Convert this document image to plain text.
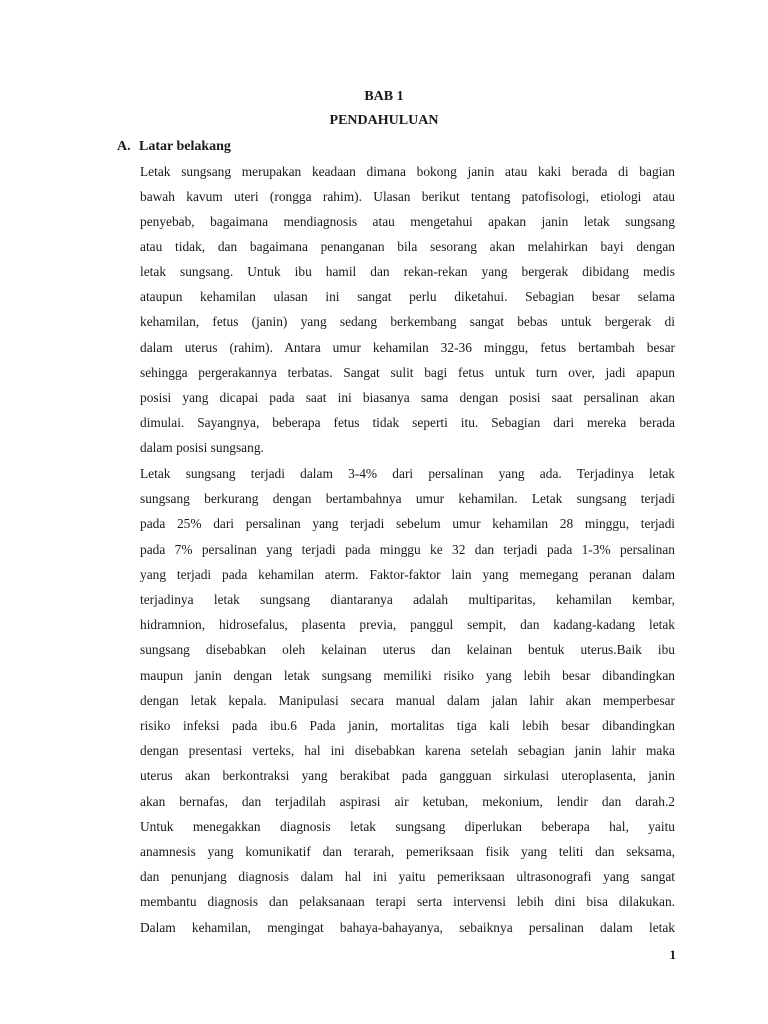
BAB 1
PENDAHULUAN
A. Latar belakang
Letak sungsang merupakan keadaan dimana bokong janin atau kaki berada di bagian
bawah kavum uteri (rongga rahim). Ulasan berikut tentang patofisologi, etiologi atau
penyebab, bagaimana mendiagnosis atau mengetahui apakan janin letak sungsang
atau tidak, dan bagaimana penanganan bila sesorang akan melahirkan bayi dengan
letak sungsang. Untuk ibu hamil dan rekan-rekan yang bergerak dibidang medis
ataupun kehamilan ulasan ini sangat perlu diketahui. Sebagian besar selama
kehamilan, fetus (janin) yang sedang berkembang sangat bebas untuk bergerak di
dalam uterus (rahim). Antara umur kehamilan 32-36 minggu, fetus bertambah besar
sehingga pergerakannya terbatas. Sangat sulit bagi fetus untuk turn over, jadi apapun
posisi yang dicapai pada saat ini biasanya sama dengan posisi saat persalinan akan
dimulai. Sayangnya, beberapa fetus tidak seperti itu. Sebagian dari mereka berada
dalam posisi sungsang.
Letak sungsang terjadi dalam 3-4% dari persalinan yang ada. Terjadinya letak
sungsang berkurang dengan bertambahnya umur kehamilan. Letak sungsang terjadi
pada 25% dari persalinan yang terjadi sebelum umur kehamilan 28 minggu, terjadi
pada 7% persalinan yang terjadi pada minggu ke 32 dan terjadi pada 1-3% persalinan
yang terjadi pada kehamilan aterm. Faktor-faktor lain yang memegang peranan dalam
terjadinya letak sungsang diantaranya adalah multiparitas, kehamilan kembar,
hidramnion, hidrosefalus, plasenta previa, panggul sempit, dan kadang-kadang letak
sungsang disebabkan oleh kelainan uterus dan kelainan bentuk uterus.Baik ibu
maupun janin dengan letak sungsang memiliki risiko yang lebih besar dibandingkan
dengan letak kepala. Manipulasi secara manual dalam jalan lahir akan memperbesar
risiko infeksi pada ibu.6 Pada janin, mortalitas tiga kali lebih besar dibandingkan
dengan presentasi verteks, hal ini disebabkan karena setelah sebagian janin lahir maka
uterus akan berkontraksi yang berakibat pada gangguan sirkulasi uteroplasenta, janin
akan bernafas, dan terjadilah aspirasi air ketuban, mekonium, lendir dan darah.2
Untuk menegakkan diagnosis letak sungsang diperlukan beberapa hal, yaitu
anamnesis yang komunikatif dan terarah, pemeriksaan fisik yang teliti dan seksama,
dan penunjang diagnosis dalam hal ini yaitu pemeriksaan ultrasonografi yang sangat
membantu diagnosis dan pelaksanaan terapi serta intervensi lebih dini bisa dilakukan.
Dalam kehamilan, mengingat bahaya-bahayanya, sebaiknya persalinan dalam letak
1
